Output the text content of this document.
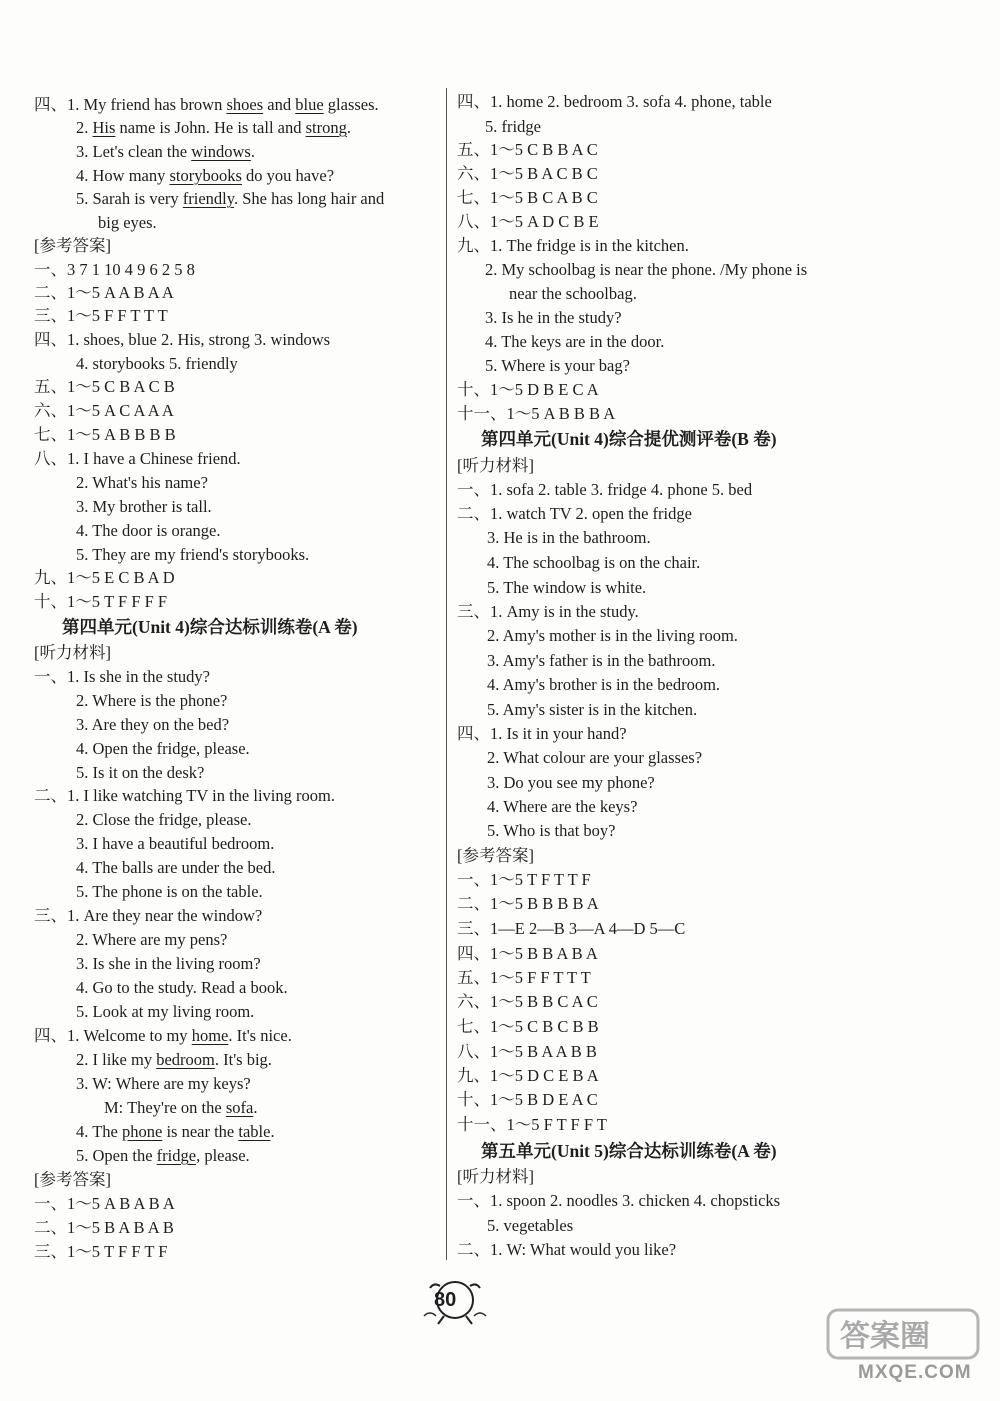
四、1. My friend has brown shoes and blue glasses.
2. His name is John. He is tall and strong.
3. Let's clean the windows.
4. How many storybooks do you have?
5. Sarah is very friendly. She has long hair and
big eyes.
[参考答案]
一、3 7 1 10 4 9 6 2 5 8
二、1～5 A A B A A
三、1～5 F F T T T
四、1. shoes, blue 2. His, strong 3. windows
4. storybooks 5. friendly
五、1～5 C B A C B
六、1～5 A C A A A
七、1～5 A B B B B
八、1. I have a Chinese friend.
2. What's his name?
3. My brother is tall.
4. The door is orange.
5. They are my friend's storybooks.
九、1～5 E C B A D
十、1～5 T F F F F
第四单元(Unit 4)综合达标训练卷(A 卷)
[听力材料]
一、1. Is she in the study?
2. Where is the phone?
3. Are they on the bed?
4. Open the fridge, please.
5. Is it on the desk?
二、1. I like watching TV in the living room.
2. Close the fridge, please.
3. I have a beautiful bedroom.
4. The balls are under the bed.
5. The phone is on the table.
三、1. Are they near the window?
2. Where are my pens?
3. Is she in the living room?
4. Go to the study. Read a book.
5. Look at my living room.
四、1. Welcome to my home. It's nice.
2. I like my bedroom. It's big.
3. W: Where are my keys?
M: They're on the sofa.
4. The phone is near the table.
5. Open the fridge, please.
[参考答案]
一、1～5 A B A B A
二、1～5 B A B A B
三、1～5 T F F T F
四、1. home 2. bedroom 3. sofa 4. phone, table
5. fridge
五、1～5 C B B A C
六、1～5 B A C B C
七、1～5 B C A B C
八、1～5 A D C B E
九、1. The fridge is in the kitchen.
2. My schoolbag is near the phone. /My phone is
near the schoolbag.
3. Is he in the study?
4. The keys are in the door.
5. Where is your bag?
十、1～5 D B E C A
十一、1～5 A B B B A
第四单元(Unit 4)综合提优测评卷(B 卷)
[听力材料]
一、1. sofa 2. table 3. fridge 4. phone 5. bed
二、1. watch TV 2. open the fridge
3. He is in the bathroom.
4. The schoolbag is on the chair.
5. The window is white.
三、1. Amy is in the study.
2. Amy's mother is in the living room.
3. Amy's father is in the bathroom.
4. Amy's brother is in the bedroom.
5. Amy's sister is in the kitchen.
四、1. Is it in your hand?
2. What colour are your glasses?
3. Do you see my phone?
4. Where are the keys?
5. Who is that boy?
[参考答案]
一、1～5 T F T T F
二、1～5 B B B B A
三、1—E 2—B 3—A 4—D 5—C
四、1～5 B B A B A
五、1～5 F F T T T
六、1～5 B B C A C
七、1～5 C B C B B
八、1～5 B A A B B
九、1～5 D C E B A
十、1～5 B D E A C
十一、1～5 F T F F T
第五单元(Unit 5)综合达标训练卷(A 卷)
[听力材料]
一、1. spoon 2. noodles 3. chicken 4. chopsticks
5. vegetables
二、1. W: What would you like?
80
答案圈
MXQE.COM
